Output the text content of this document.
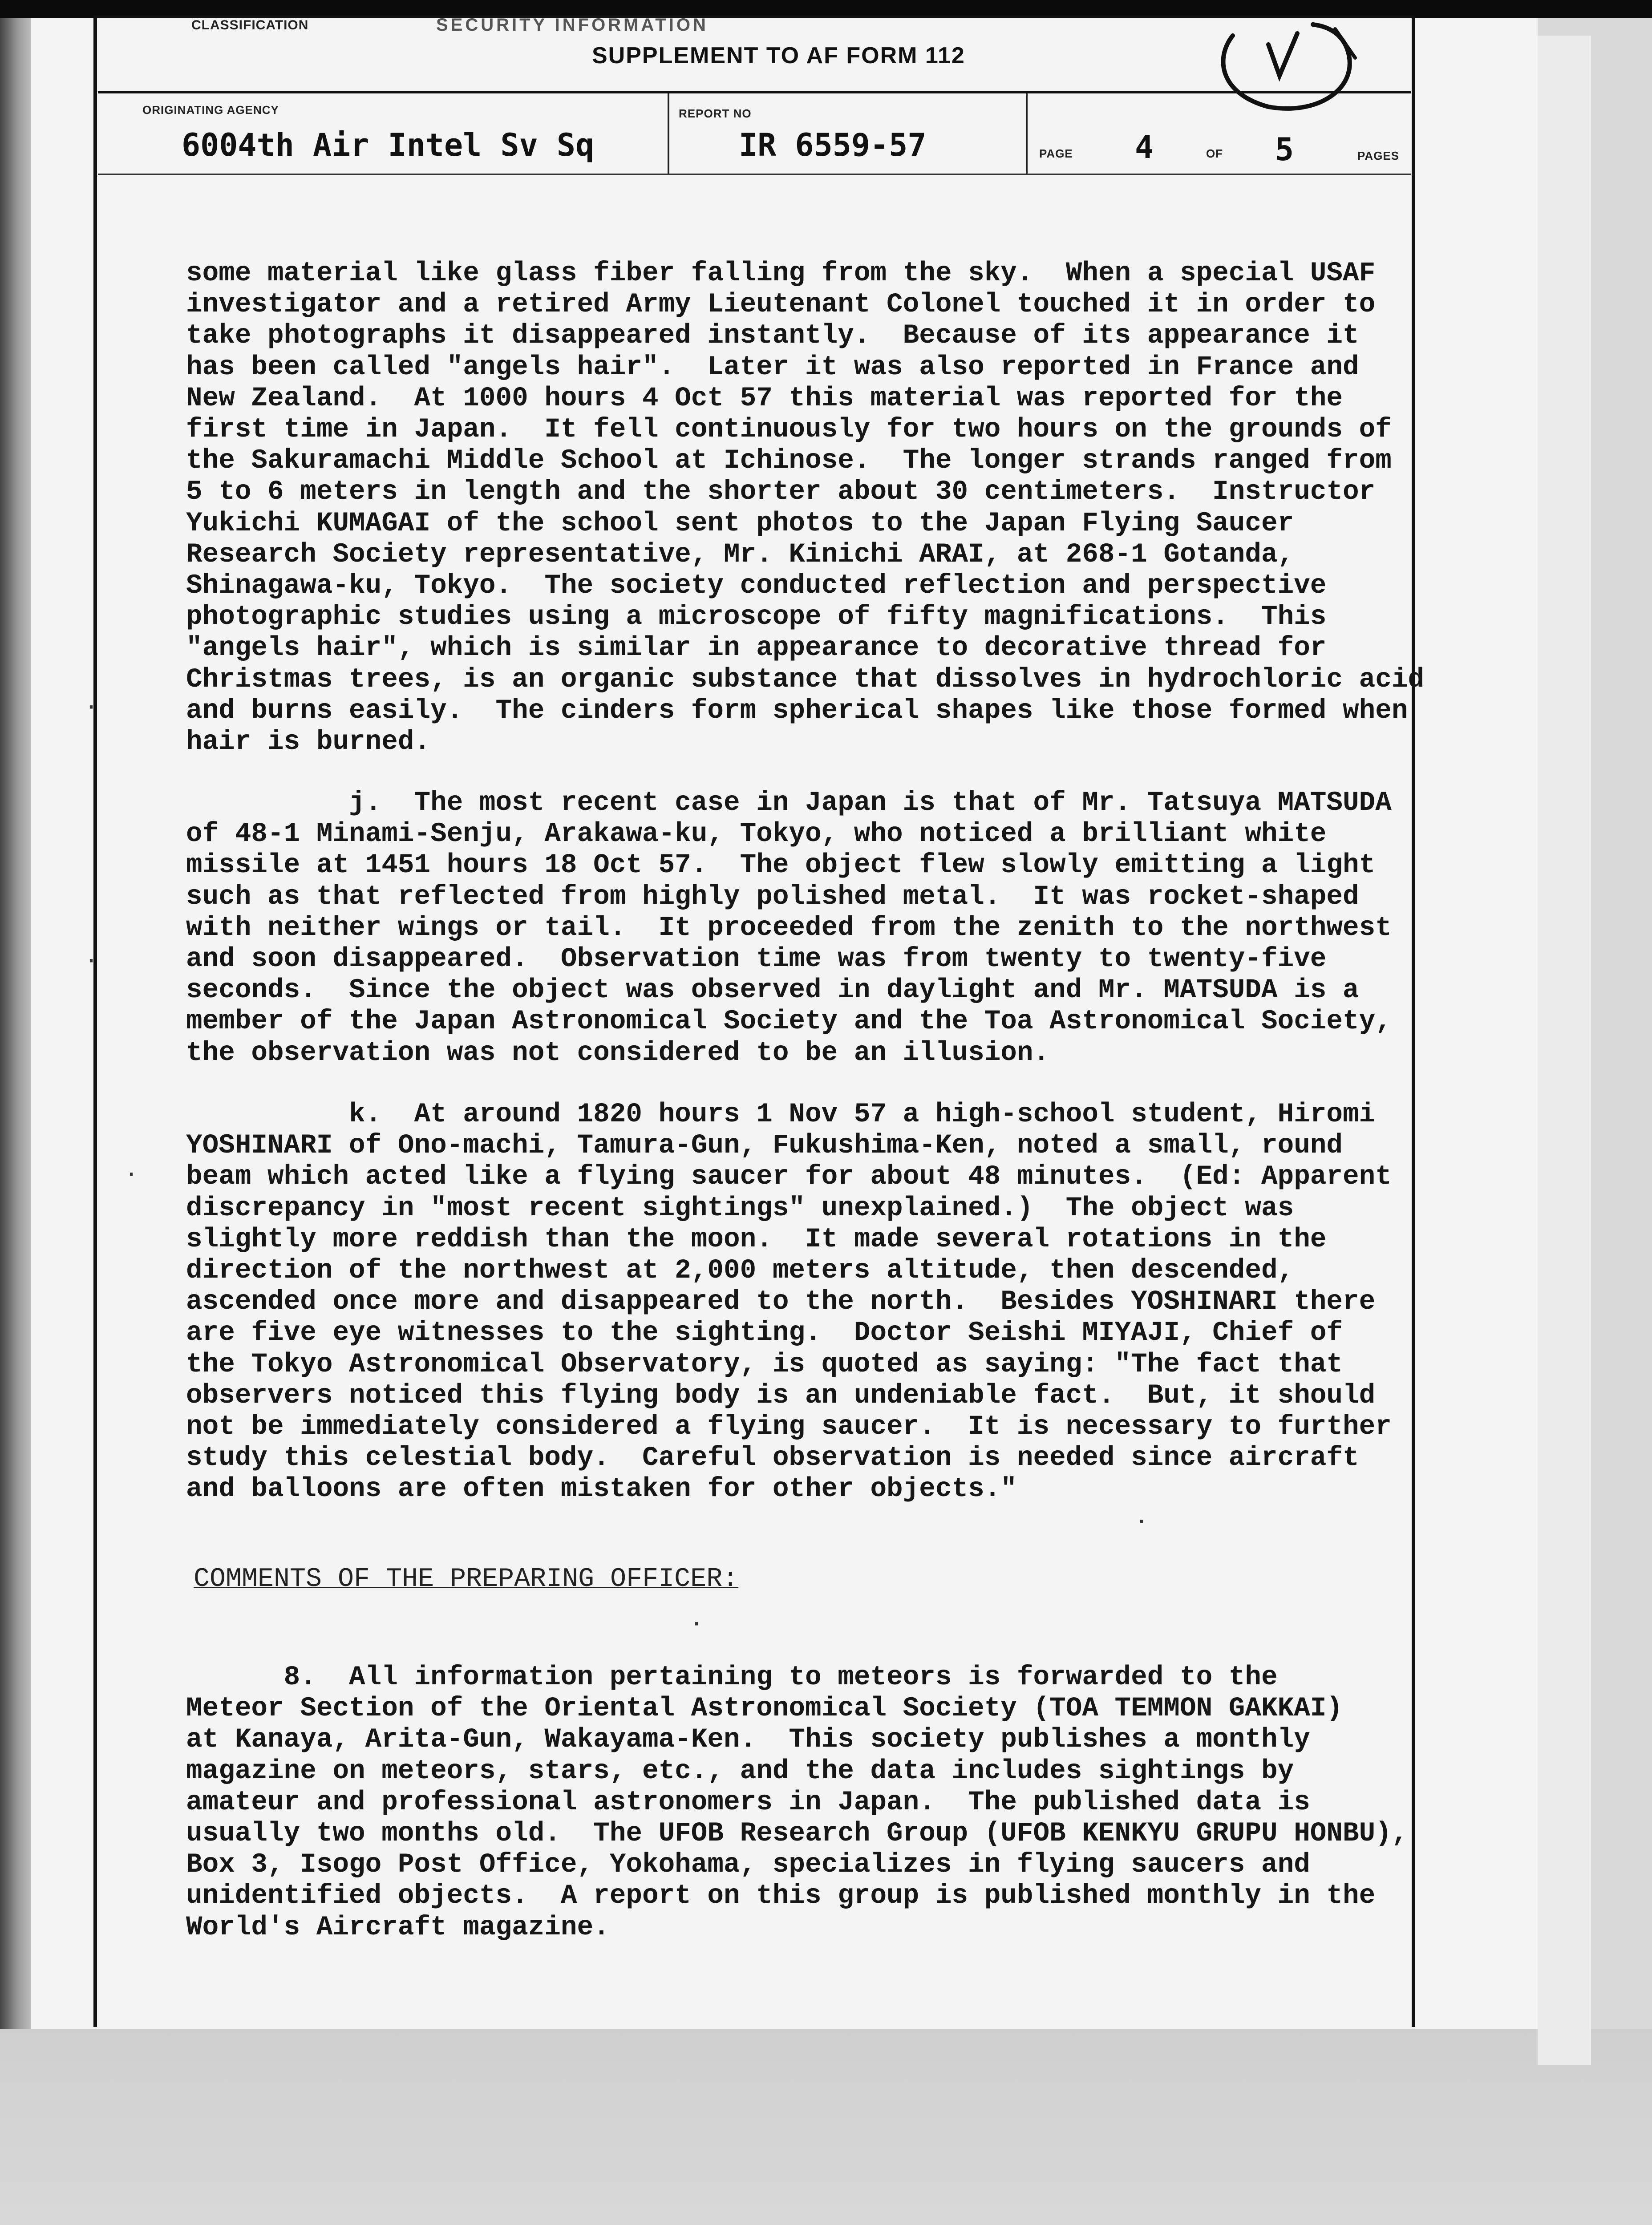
CLASSIFICATION	SECURITY INFORMATION
SUPPLEMENT TO AF FORM 112
ORIGINATING AGENCY
6004th Air Intel Sv Sq
REPORT NO
IR 6559-57	PAGE 4	OF 5	PAGES
some material like glass fiber falling from the sky.  When a special USAF
investigator and a retired Army Lieutenant Colonel touched it in order to
take photographs it disappeared instantly.  Because of its appearance it
has been called "angels hair".  Later it was also reported in France and
New Zealand.  At 1000 hours 4 Oct 57 this material was reported for the
first time in Japan.  It fell continuously for two hours on the grounds of
the Sakuramachi Middle School at Ichinose.  The longer strands ranged from
5 to 6 meters in length and the shorter about 30 centimeters.  Instructor
Yukichi KUMAGAI of the school sent photos to the Japan Flying Saucer
Research Society representative, Mr. Kinichi ARAI, at 268-1 Gotanda,
Shinagawa-ku, Tokyo.  The society conducted reflection and perspective
photographic studies using a microscope of fifty magnifications.  This
"angels hair", which is similar in appearance to decorative thread for
Christmas trees, is an organic substance that dissolves in hydrochloric acid
and burns easily.  The cinders form spherical shapes like those formed when
hair is burned.
j.  The most recent case in Japan is that of Mr. Tatsuya MATSUDA
of 48-1 Minami-Senju, Arakawa-ku, Tokyo, who noticed a brilliant white
missile at 1451 hours 18 Oct 57.  The object flew slowly emitting a light
such as that reflected from highly polished metal.  It was rocket-shaped
with neither wings or tail.  It proceeded from the zenith to the northwest
and soon disappeared.  Observation time was from twenty to twenty-five
seconds.  Since the object was observed in daylight and Mr. MATSUDA is a
member of the Japan Astronomical Society and the Toa Astronomical Society,
the observation was not considered to be an illusion.
k.  At around 1820 hours 1 Nov 57 a high-school student, Hiromi
YOSHINARI of Ono-machi, Tamura-Gun, Fukushima-Ken, noted a small, round
beam which acted like a flying saucer for about 48 minutes.  (Ed: Apparent
discrepancy in "most recent sightings" unexplained.)  The object was
slightly more reddish than the moon.  It made several rotations in the
direction of the northwest at 2,000 meters altitude, then descended,
ascended once more and disappeared to the north.  Besides YOSHINARI there
are five eye witnesses to the sighting.  Doctor Seishi MIYAJI, Chief of
the Tokyo Astronomical Observatory, is quoted as saying: "The fact that
observers noticed this flying body is an undeniable fact.  But, it should
not be immediately considered a flying saucer.  It is necessary to further
study this celestial body.  Careful observation is needed since aircraft
and balloons are often mistaken for other objects."
COMMENTS OF THE PREPARING OFFICER:
8.  All information pertaining to meteors is forwarded to the
Meteor Section of the Oriental Astronomical Society (TOA TEMMON GAKKAI)
at Kanaya, Arita-Gun, Wakayama-Ken.  This society publishes a monthly
magazine on meteors, stars, etc., and the data includes sightings by
amateur and professional astronomers in Japan.  The published data is
usually two months old.  The UFOB Research Group (UFOB KENKYU GRUPU HONBU),
Box 3, Isogo Post Office, Yokohama, specializes in flying saucers and
unidentified objects.  A report on this group is published monthly in the
World's Aircraft magazine.
·
·
·
·
·
